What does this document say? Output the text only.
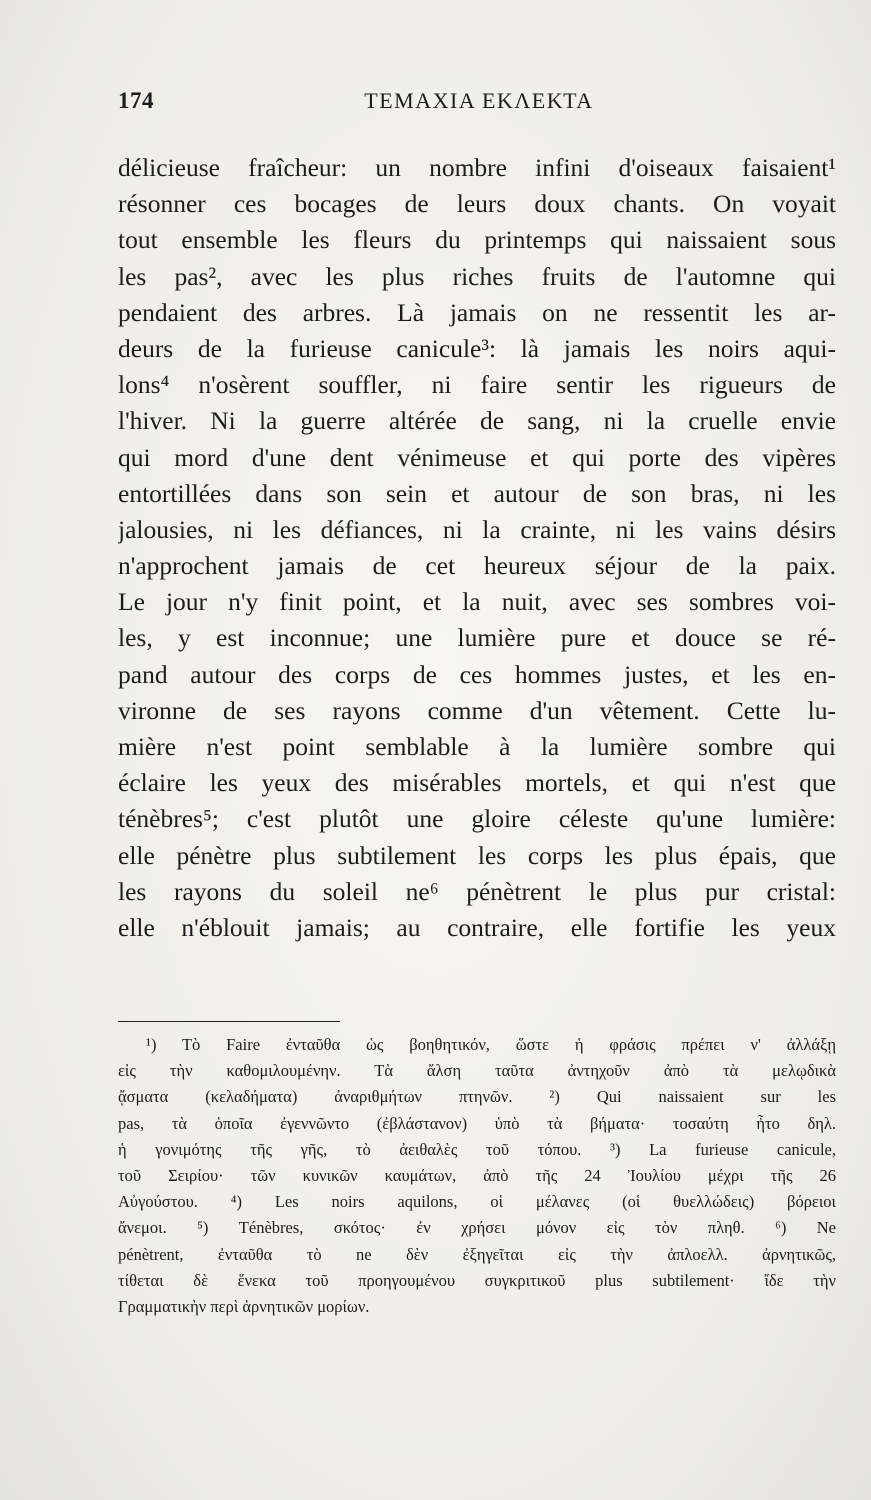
174	ΤΕΜΑΧΙΑ ΕΚΛΕΚΤΑ
délicieuse fraîcheur: un nombre infini d'oiseaux faisaient¹
résonner ces bocages de leurs doux chants. On voyait
tout ensemble les fleurs du printemps qui naissaient sous
les pas², avec les plus riches fruits de l'automne qui
pendaient des arbres. Là jamais on ne ressentit les ar-
deurs de la furieuse canicule³: là jamais les noirs aqui-
lons⁴ n'osèrent souffler, ni faire sentir les rigueurs de
l'hiver. Ni la guerre altérée de sang, ni la cruelle envie
qui mord d'une dent vénimeuse et qui porte des vipères
entortillées dans son sein et autour de son bras, ni les
jalousies, ni les défiances, ni la crainte, ni les vains désirs
n'approchent jamais de cet heureux séjour de la paix.
Le jour n'y finit point, et la nuit, avec ses sombres voi-
les, y est inconnue; une lumière pure et douce se ré-
pand autour des corps de ces hommes justes, et les en-
vironne de ses rayons comme d'un vêtement. Cette lu-
mière n'est point semblable à la lumière sombre qui
éclaire les yeux des misérables mortels, et qui n'est que
ténèbres⁵; c'est plutôt une gloire céleste qu'une lumière:
elle pénètre plus subtilement les corps les plus épais, que
les rayons du soleil ne⁶ pénètrent le plus pur cristal:
elle n'éblouit jamais; au contraire, elle fortifie les yeux
¹) Τὸ Faire ἐνταῦθα ὡς βοηθητικόν, ὥστε ἡ φράσις πρέπει ν' ἀλλάξῃ
εἰς τὴν καθομιλουμένην. Τὰ ἄλση ταῦτα ἀντηχοῦν ἀπὸ τὰ μελῳδικὰ
ᾄσματα (κελαδήματα) ἀναριθμήτων πτηνῶν. ²) Qui naissaient sur les
pas, τὰ ὁποῖα ἐγεννῶντο (ἐβλάστανον) ὑπὸ τὰ βήματα· τοσαύτη ἦτο δηλ.
ἡ γονιμότης τῆς γῆς, τὸ ἀειθαλὲς τοῦ τόπου. ³) La furieuse canicule,
τοῦ Σειρίου· τῶν κυνικῶν καυμάτων, ἀπὸ τῆς 24 Ἰουλίου μέχρι τῆς 26
Αὐγούστου. ⁴) Les noirs aquilons, οἱ μέλανες (οἱ θυελλώδεις) βόρειοι
ἄνεμοι. ⁵) Ténèbres, σκότος· ἐν χρήσει μόνον εἰς τὸν πληθ. ⁶) Ne
pénètrent, ἐνταῦθα τὸ ne δὲν ἐξηγεῖται εἰς τὴν ἀπλοελλ. ἀρνητικῶς,
τίθεται δὲ ἕνεκα τοῦ προηγουμένου συγκριτικοῦ plus subtilement· ἴδε τὴν
Γραμματικὴν περὶ ἀρνητικῶν μορίων.
